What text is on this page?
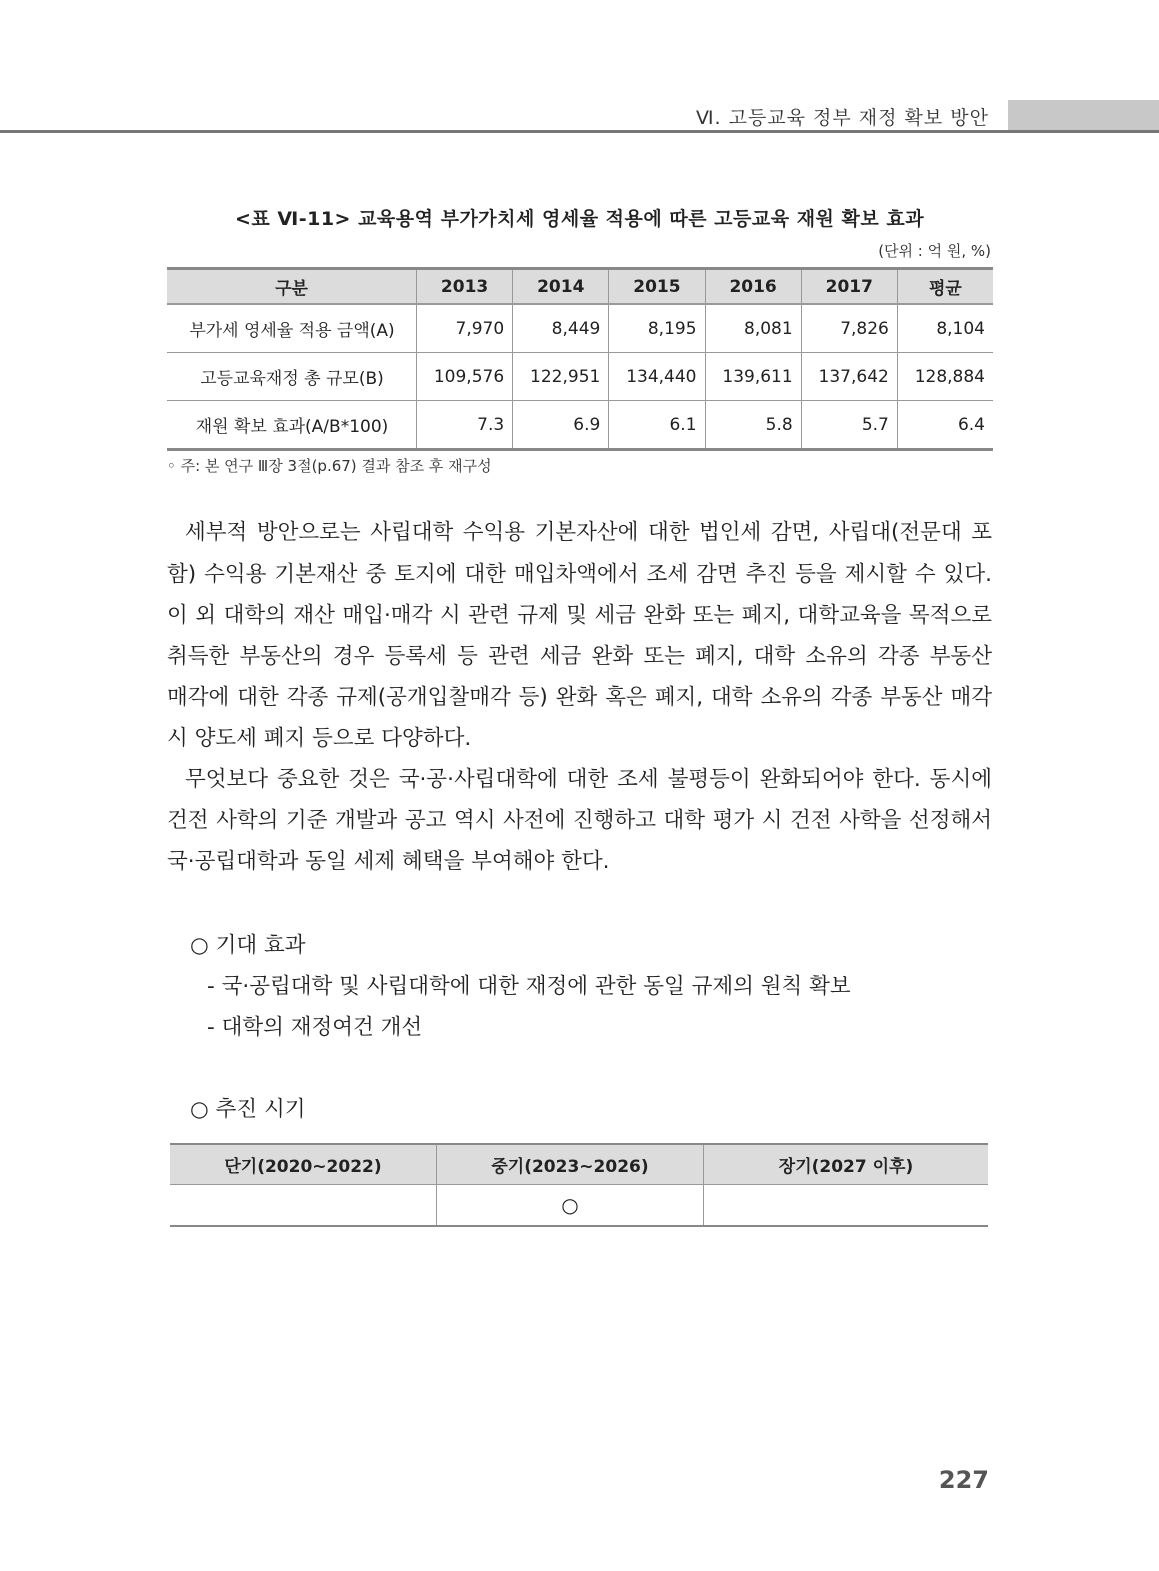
Ⅵ. 고등교육 정부 재정 확보 방안
<표 Ⅵ-11> 교육용역 부가가치세 영세율 적용에 따른 고등교육 재원 확보 효과
(단위 : 억 원, %)
구분	2013	2014	2015	2016	2017	평균
부가세 영세율 적용 금액(A)	7,970	8,449	8,195	8,081	7,826	8,104
고등교육재정 총 규모(B)	109,576	122,951	134,440	139,611	137,642	128,884
재원 확보 효과(A/B*100)	7.3	6.9	6.1	5.8	5.7	6.4
◦ 주: 본 연구 Ⅲ장 3절(p.67) 결과 참조 후 재구성
세부적 방안으로는 사립대학 수익용 기본자산에 대한 법인세 감면, 사립대(전문대 포
함) 수익용 기본재산 중 토지에 대한 매입차액에서 조세 감면 추진 등을 제시할 수 있다.
이 외 대학의 재산 매입·매각 시 관련 규제 및 세금 완화 또는 폐지, 대학교육을 목적으로
취득한 부동산의 경우 등록세 등 관련 세금 완화 또는 폐지, 대학 소유의 각종 부동산
매각에 대한 각종 규제(공개입찰매각 등) 완화 혹은 폐지, 대학 소유의 각종 부동산 매각
시 양도세 폐지 등으로 다양하다.
무엇보다 중요한 것은 국·공·사립대학에 대한 조세 불평등이 완화되어야 한다. 동시에
건전 사학의 기준 개발과 공고 역시 사전에 진행하고 대학 평가 시 건전 사학을 선정해서
국·공립대학과 동일 세제 혜택을 부여해야 한다.
○ 기대 효과
- 국·공립대학 및 사립대학에 대한 재정에 관한 동일 규제의 원칙 확보
- 대학의 재정여건 개선
○ 추진 시기
단기(2020~2022)	중기(2023~2026)	장기(2027 이후)
	○	
227
